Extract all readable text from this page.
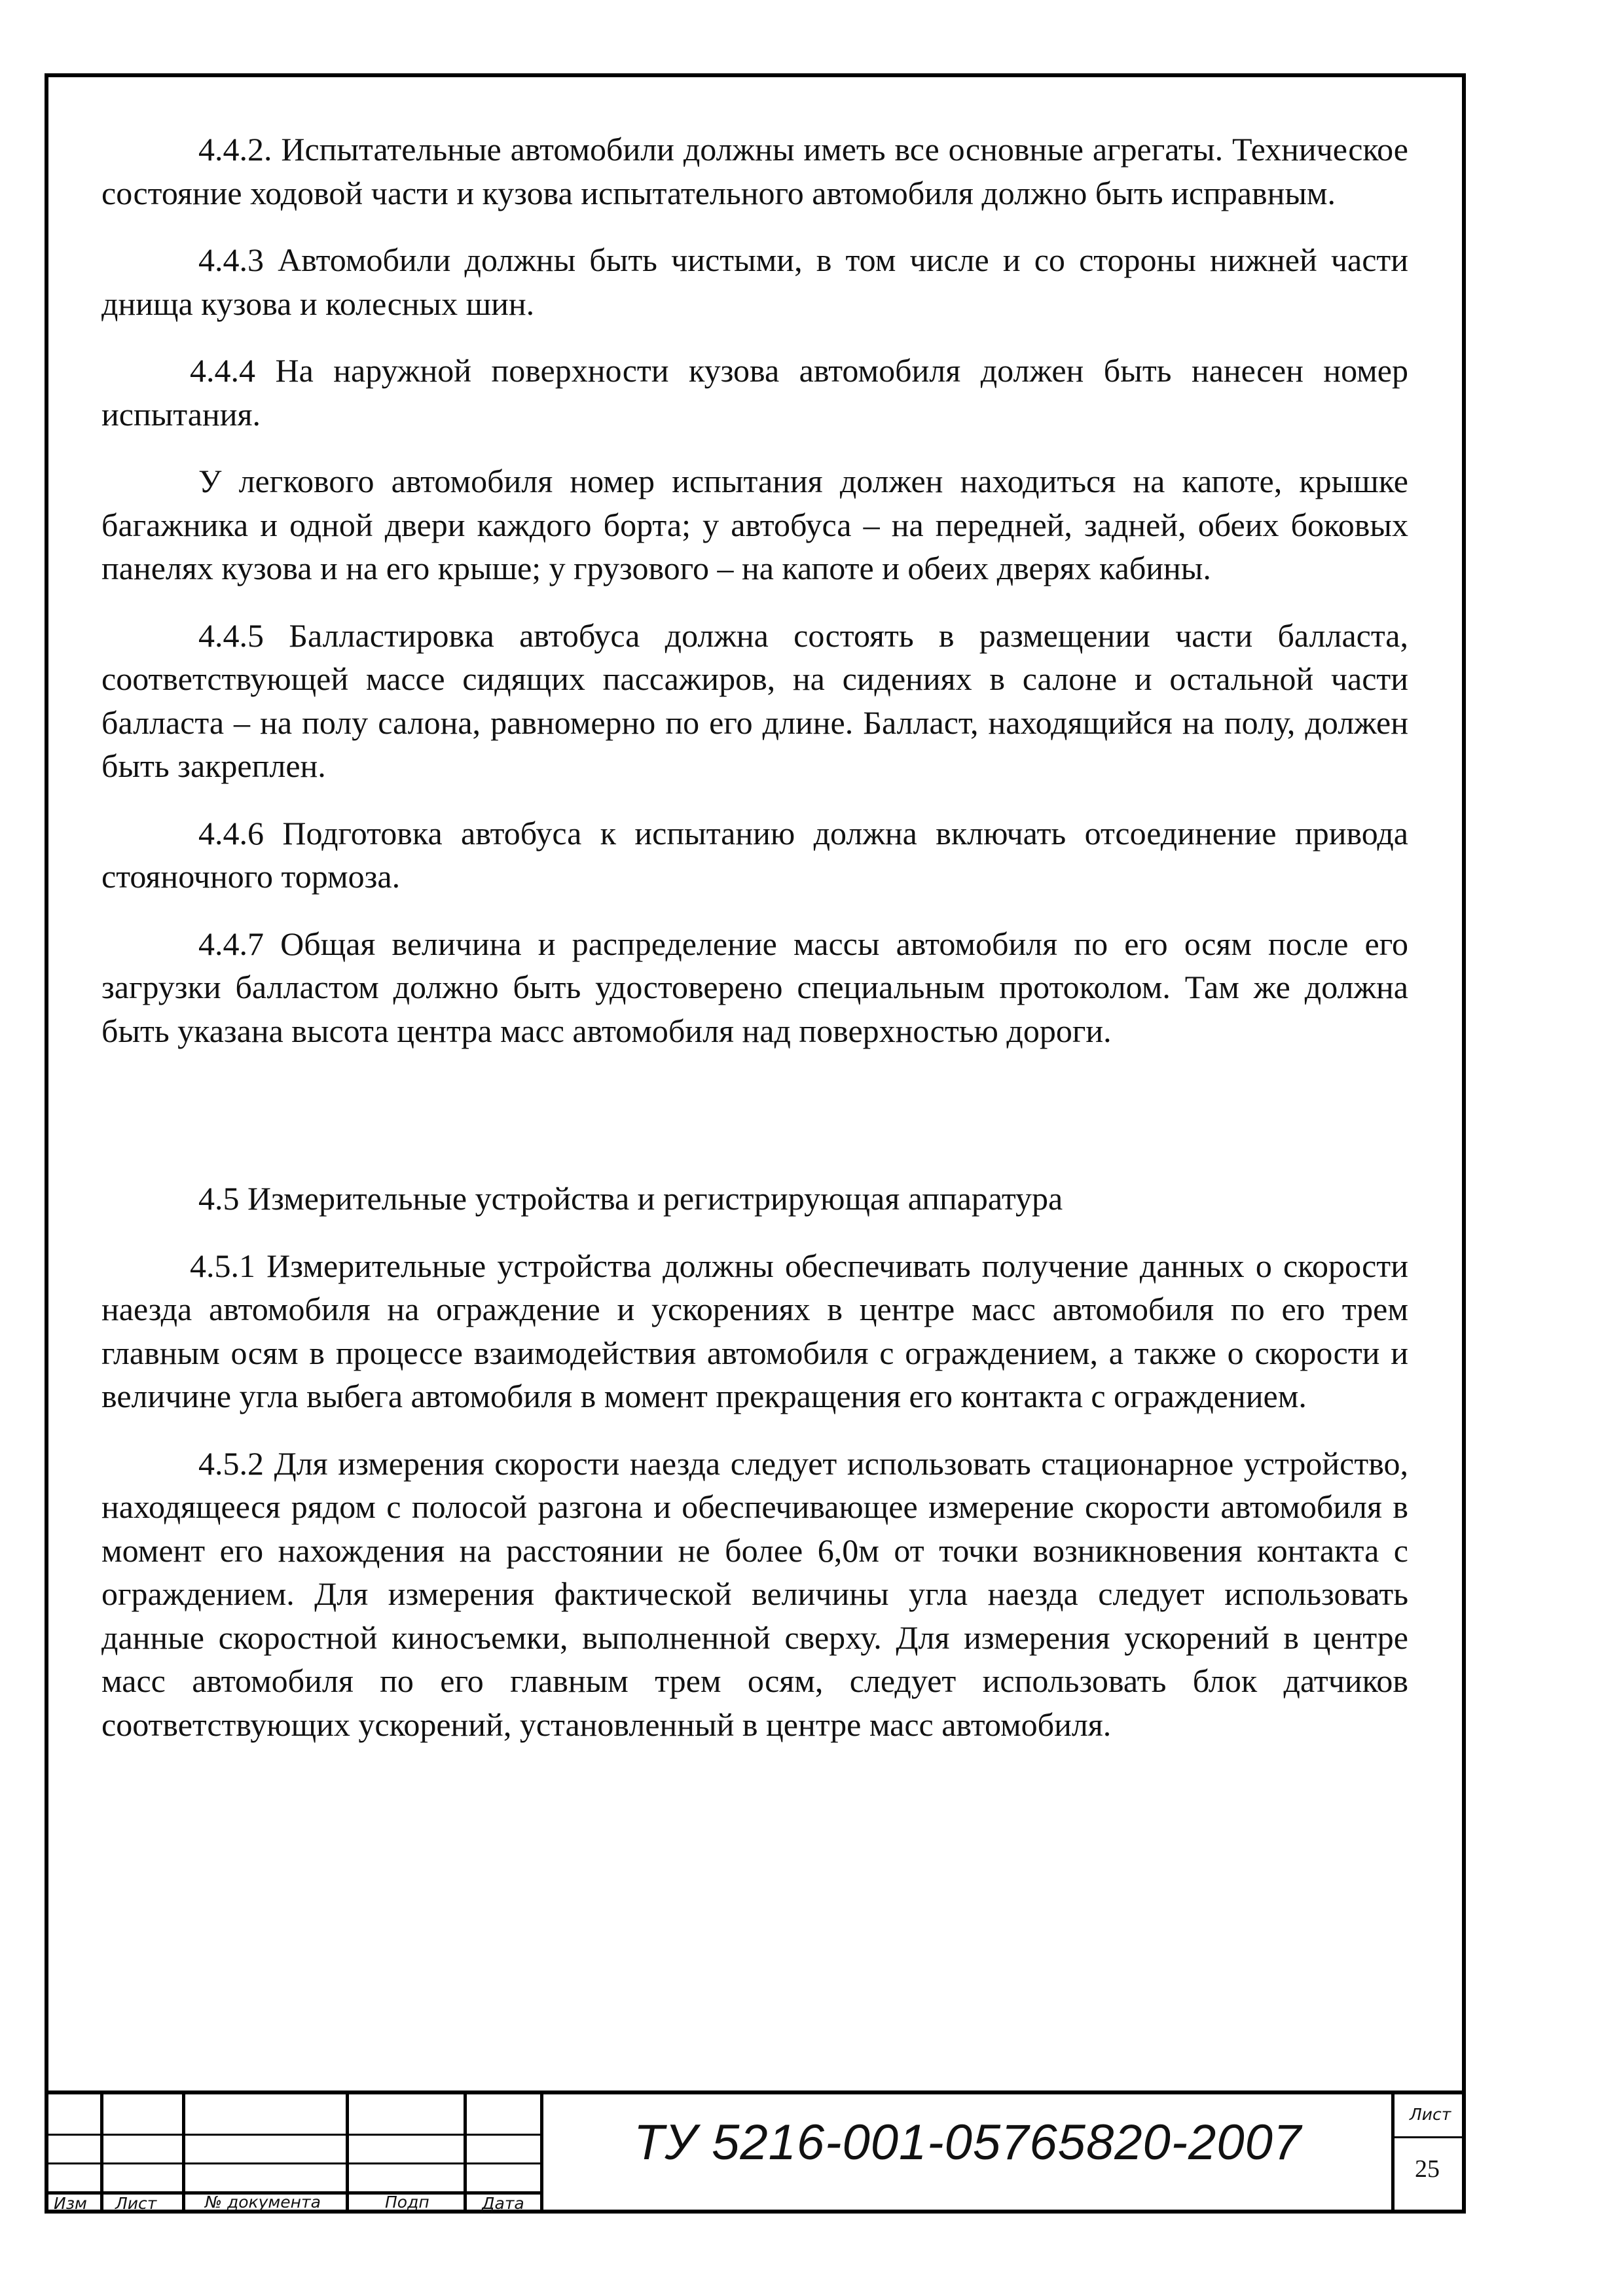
4.4.2. Испытательные автомобили должны иметь все основные агрегаты. Техническое состояние ходовой части и кузова испытательного автомобиля должно быть исправным.

4.4.3 Автомобили должны быть чистыми, в том числе и со стороны нижней части днища кузова и колесных шин.

4.4.4 На наружной поверхности кузова автомобиля должен быть нанесен номер испытания.

У легкового автомобиля номер испытания должен находиться на капоте, крышке багажника и одной двери каждого борта; у автобуса – на передней, задней, обеих боковых панелях кузова и на его крыше; у грузового – на капоте и обеих дверях кабины.

4.4.5 Балластировка автобуса должна состоять в размещении части балласта, соответствующей массе сидящих пассажиров, на сидениях в салоне и остальной части балласта – на полу салона, равномерно по его длине. Балласт, находящийся на полу, должен быть закреплен.

4.4.6 Подготовка автобуса к испытанию должна включать отсоединение привода стояночного тормоза.

4.4.7 Общая величина и распределение массы автомобиля по его осям после его загрузки балластом должно быть удостоверено специальным протоколом. Там же должна быть указана высота центра масс автомобиля над поверхностью дороги.

4.5 Измерительные устройства и регистрирующая аппаратура

4.5.1 Измерительные устройства должны обеспечивать получение данных о скорости наезда автомобиля на ограждение и ускорениях в центре масс автомобиля по его трем главным осям в процессе взаимодействия автомобиля с ограждением, а также о скорости и величине угла выбега автомобиля в момент прекращения его контакта с ограждением.

4.5.2 Для измерения скорости наезда следует использовать стационарное устройство, находящееся рядом с полосой разгона и обеспечивающее измерение скорости автомобиля в момент его нахождения на расстоянии не более 6,0м от точки возникновения контакта с ограждением. Для измерения фактической величины угла наезда следует использовать данные скоростной киносъемки, выполненной сверху. Для измерения ускорений в центре масс автомобиля по его главным трем осям, следует использовать блок датчиков соответствующих ускорений, установленный в центре масс автомобиля.

Изм Лист	№ документа	Подп	Дата
ТУ 5216-001-05765820-2007
Лист
25
